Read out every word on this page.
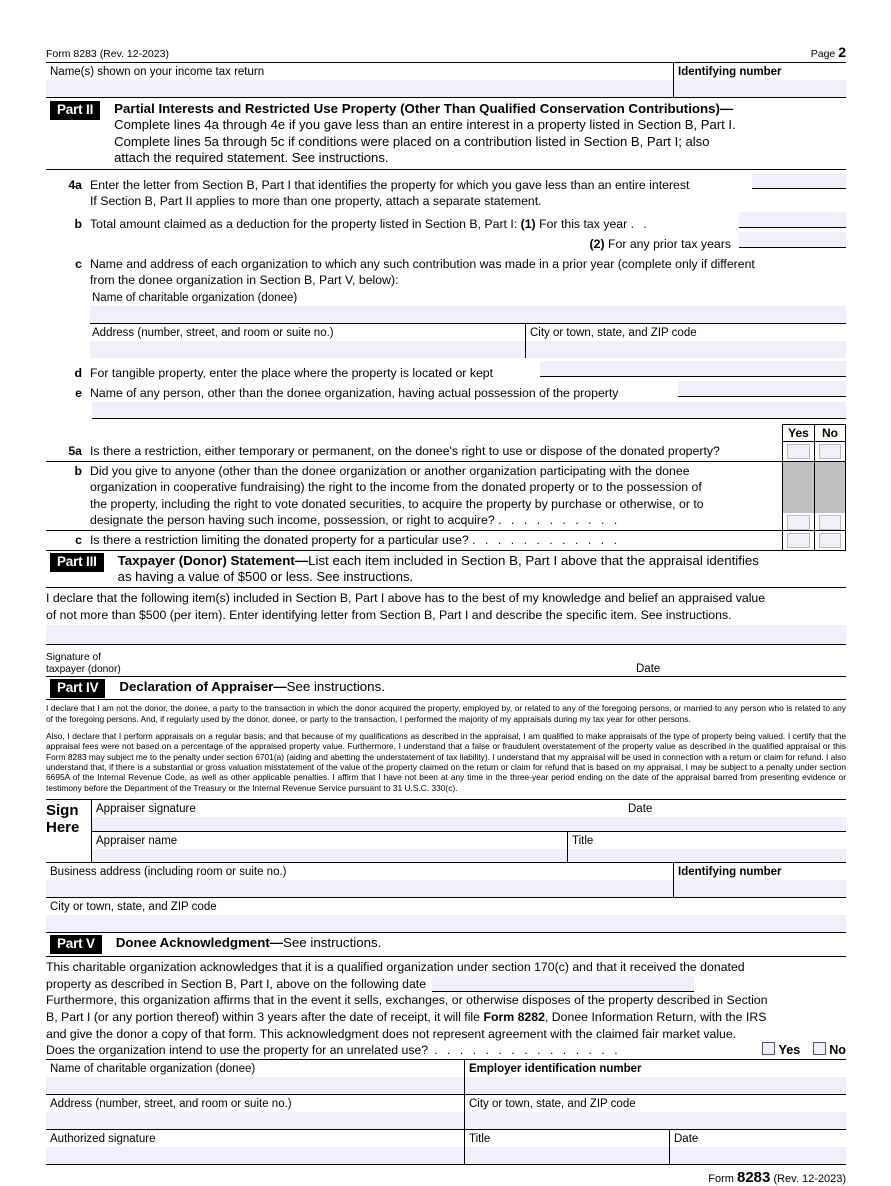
Form 8283 (Rev. 12-2023)	Page 2
Name(s) shown on your income tax return	Identifying number
Part II	Partial Interests and Restricted Use Property (Other Than Qualified Conservation Contributions)—
Complete lines 4a through 4e if you gave less than an entire interest in a property listed in Section B, Part I.
Complete lines 5a through 5c if conditions were placed on a contribution listed in Section B, Part I; also
attach the required statement. See instructions.
4a Enter the letter from Section B, Part I that identifies the property for which you gave less than an entire interest
If Section B, Part II applies to more than one property, attach a separate statement.
b Total amount claimed as a deduction for the property listed in Section B, Part I: (1) For this tax year . .
(2) For any prior tax years
c Name and address of each organization to which any such contribution was made in a prior year (complete only if different
from the donee organization in Section B, Part V, below):
Name of charitable organization (donee)
Address (number, street, and room or suite no.)	City or town, state, and ZIP code
d For tangible property, enter the place where the property is located or kept
e Name of any person, other than the donee organization, having actual possession of the property
Yes	No
5a Is there a restriction, either temporary or permanent, on the donee's right to use or dispose of the donated property?
b Did you give to anyone (other than the donee organization or another organization participating with the donee
organization in cooperative fundraising) the right to the income from the donated property or to the possession of
the property, including the right to vote donated securities, to acquire the property by purchase or otherwise, or to
designate the person having such income, possession, or right to acquire? . . . . . . . . . .
c Is there a restriction limiting the donated property for a particular use? . . . . . . . . . . . .
Part III	Taxpayer (Donor) Statement—List each item included in Section B, Part I above that the appraisal identifies
as having a value of $500 or less. See instructions.
I declare that the following item(s) included in Section B, Part I above has to the best of my knowledge and belief an appraised value
of not more than $500 (per item). Enter identifying letter from Section B, Part I and describe the specific item. See instructions.
Signature of
taxpayer (donor)	Date
Part IV	Declaration of Appraiser—See instructions.
I declare that I am not the donor, the donee, a party to the transaction in which the donor acquired the property, employed by, or related to any of the foregoing persons, or married to any person who is related to any of the foregoing persons. And, if regularly used by the donor, donee, or party to the transaction, I performed the majority of my appraisals during my tax year for other persons.
Also, I declare that I perform appraisals on a regular basis; and that because of my qualifications as described in the appraisal, I am qualified to make appraisals of the type of property being valued. I certify that the appraisal fees were not based on a percentage of the appraised property value. Furthermore, I understand that a false or fraudulent overstatement of the property value as described in the qualified appraisal or this Form 8283 may subject me to the penalty under section 6701(a) (aiding and abetting the understatement of tax liability). I understand that my appraisal will be used in connection with a return or claim for refund. I also understand that, if there is a substantial or gross valuation misstatement of the value of the property claimed on the return or claim for refund that is based on my appraisal, I may be subject to a penalty under section 6695A of the Internal Revenue Code, as well as other applicable penalties. I affirm that I have not been at any time in the three-year period ending on the date of the appraisal barred from presenting evidence or testimony before the Department of the Treasury or the Internal Revenue Service pursuant to 31 U.S.C. 330(c).
Sign
Here
Appraiser signature	Date
Appraiser name	Title
Business address (including room or suite no.)	Identifying number
City or town, state, and ZIP code
Part V	Donee Acknowledgment—See instructions.
This charitable organization acknowledges that it is a qualified organization under section 170(c) and that it received the donated
property as described in Section B, Part I, above on the following date
Furthermore, this organization affirms that in the event it sells, exchanges, or otherwise disposes of the property described in Section
B, Part I (or any portion thereof) within 3 years after the date of receipt, it will file Form 8282, Donee Information Return, with the IRS
and give the donor a copy of that form. This acknowledgment does not represent agreement with the claimed fair market value.
Does the organization intend to use the property for an unrelated use? . . . . . . . . . . . . . . .	Yes	No
Name of charitable organization (donee)	Employer identification number
Address (number, street, and room or suite no.)	City or town, state, and ZIP code
Authorized signature	Title	Date
Form 8283 (Rev. 12-2023)
